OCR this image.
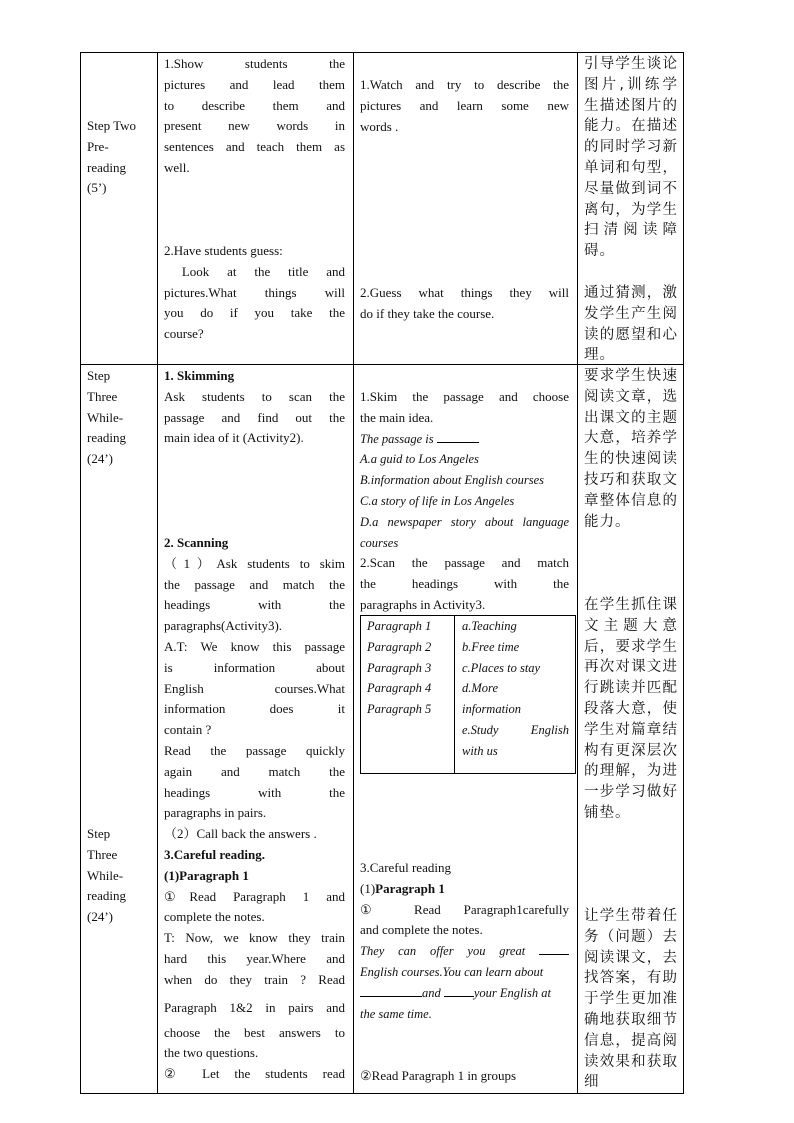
Step Two
Pre-
reading
(5’)
1.Show students the
pictures and lead them
to describe them and
present new words in
sentences and teach them as
well.
2.Have students guess:
Look at the title and
pictures.What things will
you do if you take the
course?
1.Watch and try to describe the
pictures and learn some new
words .
2.Guess what things they will
do if they take the course.
引导学生谈论图片,训练学生描述图片的能力。在描述的同时学习新单词和句型，尽量做到词不离句，为学生扫清阅读障碍。
通过猜测，激发学生产生阅读的愿望和心理。
Step
Three
While-
reading
(24’)
Step
Three
While-
reading
(24’)
1. Skimming
Ask students to scan the
passage and find out the
main idea of it (Activity2).
2. Scanning
（1）Ask students to skim
the passage and match the
headings with the
paragraphs(Activity3).
A.T: We know this passage
is information about
English courses.What
information does it
contain ?
Read the passage quickly
again and match the
headings with the
paragraphs in pairs.
（2）Call back the answers .
3.Careful reading.
(1)Paragraph 1
①Read Paragraph 1 and
complete the notes.
T: Now, we know they train
hard this year.Where and
when do they train ? Read
Paragraph 1&2 in pairs and
choose the best answers to
the two questions.
② Let the students read
1.Skim the passage and choose
the main idea.
The passage is
A.a guid to Los Angeles
B.information about English courses
C.a story of life in Los Angeles
D.a newspaper story about language
courses
2.Scan the passage and match
the headings with the
paragraphs in Activity3.
Paragraph 1
Paragraph 2
Paragraph 3
Paragraph 4
Paragraph 5
a.Teaching
b.Free time
c.Places to stay
d.More
information
e.Study English
with us
3.Careful reading
(1)Paragraph 1
① Read Paragraph1carefully
and complete the notes.
They can offer you great
English courses.You can learn about
and	your English at
the same time.
②Read Paragraph 1 in groups
要求学生快速阅读文章，选出课文的主题大意，培养学生的快速阅读技巧和获取文章整体信息的能力。
在学生抓住课文主题大意后，要求学生再次对课文进行跳读并匹配段落大意，使学生对篇章结构有更深层次的理解，为进一步学习做好铺垫。
让学生带着任务（问题）去阅读课文，去找答案，有助于学生更加准确地获取细节信息，提高阅读效果和获取细
